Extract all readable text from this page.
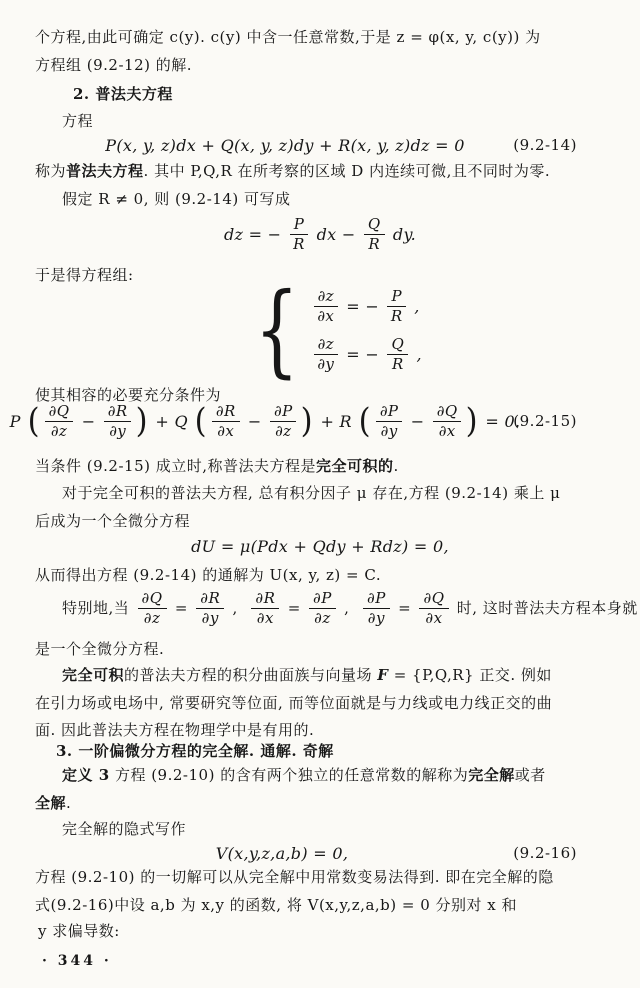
个方程,由此可确定 c(y). c(y) 中含一任意常数,于是 z = φ(x, y, c(y)) 为

方程组 (9.2-12) 的解.

2. 普法夫方程

方程

P(x, y, z)dx + Q(x, y, z)dy + R(x, y, z)dz = 0	(9.2-14)

称为普法夫方程. 其中 P,Q,R 在所考察的区域 D 内连续可微,且不同时为零.

假定 R ≠ 0, 则 (9.2-14) 可写成

dz = − $\frac{P}{R}$ dx − $\frac{Q}{R}$ dy.

于是得方程组: { $\frac{\partial z}{\partial x}$ = − $\frac{P}{R}$ ,
$\frac{\partial z}{\partial y}$ = − $\frac{Q}{R}$ ,

使其相容的必要充分条件为

P ( $\frac{\partial Q}{\partial z} - \frac{\partial R}{\partial y}$ ) + Q ( $\frac{\partial R}{\partial x} - \frac{\partial P}{\partial z}$ ) + R ( $\frac{\partial P}{\partial y} - \frac{\partial Q}{\partial x}$ ) = 0.
(9.2-15)

当条件 (9.2-15) 成立时,称普法夫方程是完全可积的.

对于完全可积的普法夫方程, 总有积分因子 μ 存在,方程 (9.2-14) 乘上 μ

后成为一个全微分方程

dU = μ(Pdx + Qdy + Rdz) = 0,

从而得出方程 (9.2-14) 的通解为 U(x, y, z) = C.

特别地,当 $\frac{\partial Q}{\partial z} = \frac{\partial R}{\partial y}$ , $\frac{\partial R}{\partial x} = \frac{\partial P}{\partial z}$ , $\frac{\partial P}{\partial y} = \frac{\partial Q}{\partial x}$ 时, 这时普法夫方程本身就

是一个全微分方程.

完全可积的普法夫方程的积分曲面族与向量场 F = {P,Q,R} 正交. 例如

在引力场或电场中, 常要研究等位面, 而等位面就是与力线或电力线正交的曲

面. 因此普法夫方程在物理学中是有用的.

3. 一阶偏微分方程的完全解. 通解. 奇解

定义 3 方程 (9.2-10) 的含有两个独立的任意常数的解称为完全解或者

全解.

完全解的隐式写作

V(x,y,z,a,b) = 0,	(9.2-16)

方程 (9.2-10) 的一切解可以从完全解中用常数变易法得到. 即在完全解的隐

式(9.2-16)中设 a,b 为 x,y 的函数, 将 V(x,y,z,a,b) = 0 分别对 x 和

y 求偏导数:

· 344 ·
